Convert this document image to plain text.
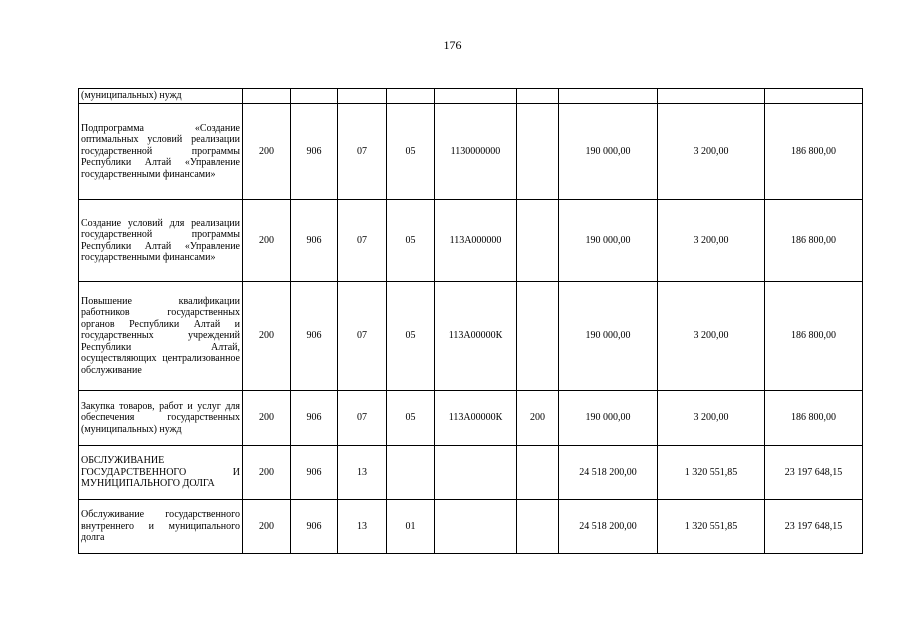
176
(муниципальных) нужд									
Подпрограмма «Создание оптимальных условий реализации государственной программы Республики Алтай «Управление государственными финансами»	200	906	07	05	1130000000		190 000,00	3 200,00	186 800,00
Создание условий для реализации государственной программы Республики Алтай «Управление государственными финансами»	200	906	07	05	113А000000		190 000,00	3 200,00	186 800,00
Повышение квалификации работников государственных органов Республики Алтай и государственных учреждений Республики Алтай, осуществляющих централизованное обслуживание	200	906	07	05	113А00000К		190 000,00	3 200,00	186 800,00
Закупка товаров, работ и услуг для обеспечения государственных (муниципальных) нужд	200	906	07	05	113А00000К	200	190 000,00	3 200,00	186 800,00
ОБСЛУЖИВАНИЕ ГОСУДАРСТВЕННОГО И МУНИЦИПАЛЬНОГО ДОЛГА	200	906	13				24 518 200,00	1 320 551,85	23 197 648,15
Обслуживание государственного внутреннего и муниципального долга	200	906	13	01			24 518 200,00	1 320 551,85	23 197 648,15
